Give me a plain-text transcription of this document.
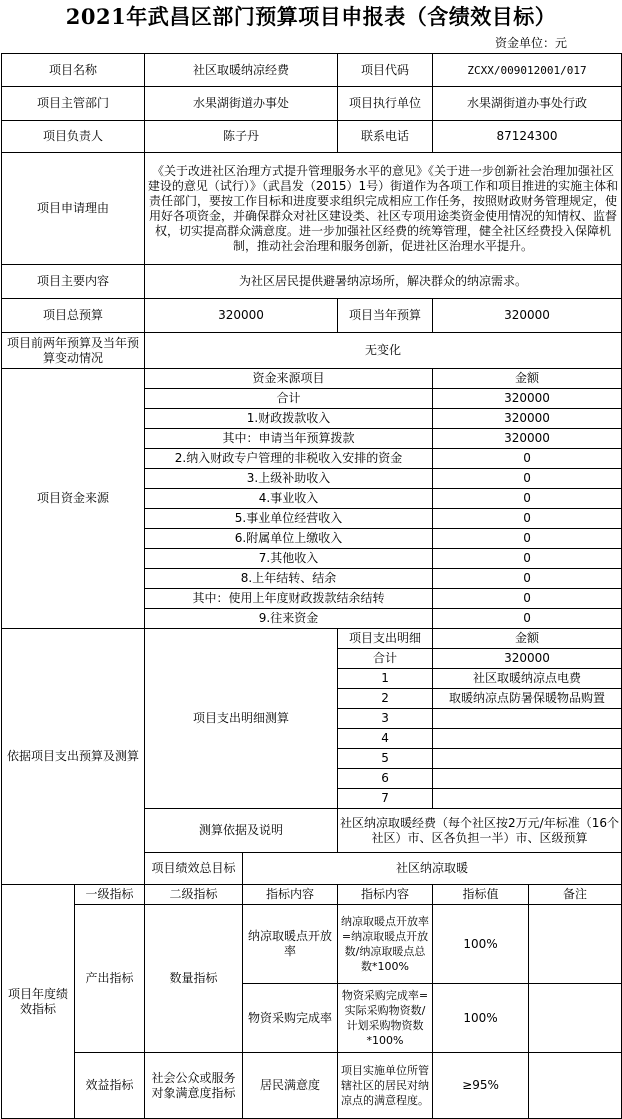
2021年武昌区部门预算项目申报表（含绩效目标）
资金单位：元
项目名称		社区取暖纳凉经费		项目代码	ZCXX/009012001/017	
项目主管部门		水果湖街道办事处		项目执行单位	水果湖街道办事处行政	
项目负责人		陈子丹		联系电话	87124300	
项目申请理由		《关于改进社区治理方式提升管理服务水平的意见》《关于进一步创新社会治理加强社区建设的意见（试行）》（武昌发（2015）1号）街道作为各项工作和项目推进的实施主体和责任部门，要按工作目标和进度要求组织完成相应工作任务，按照财政财务管理规定，使用好各项资金，并确保群众对社区建设类、社区专项用途类资金使用情况的知情权、监督权，切实提高群众满意度。进一步加强社区经费的统筹管理，健全社区经费投入保障机制，推动社会治理和服务创新，促进社区治理水平提升。				
项目主要内容		为社区居民提供避暑纳凉场所，解决群众的纳凉需求。				
项目总预算		320000		项目当年预算	320000	
项目前两年预算及当年预算变动情况		无变化				
项目资金来源		资金来源项目			金额	
		合计			320000	
		1.财政拨款收入			320000	
		其中：申请当年预算拨款			320000	
		2.纳入财政专户管理的非税收入安排的资金			0	
		3.上级补助收入			0	
		4.事业收入			0	
		5.事业单位经营收入			0	
		6.附属单位上缴收入			0	
		7.其他收入			0	
		8.上年结转、结余			0	
		其中：使用上年度财政拨款结余结转			0	
		9.往来资金			0	
依据项目支出预算及测算		项目支出明细测算		项目支出明细	金额	
				合计	320000	
				1	社区取暖纳凉点电费	
				2	取暖纳凉点防暑保暖物品购置	
				3		
				4		
				5		
				6		
				7		
		测算依据及说明		社区纳凉取暖经费（每个社区按2万元/年标准（16个社区）市、区各负担一半）市、区级预算		
		项目绩效总目标	社区纳凉取暖			
项目年度绩效指标	一级指标	二级指标	指标内容	指标内容	指标值	备注
	产出指标	数量指标	纳凉取暖点开放率	纳凉取暖点开放率=纳凉取暖点开放数/纳凉取暖点总数*100%	100%	
			物资采购完成率	物资采购完成率=实际采购物资数/计划采购物资数*100%	100%	
	效益指标	社会公众或服务对象满意度指标	居民满意度	项目实施单位所管辖社区的居民对纳凉点的满意程度。	≥95%	
